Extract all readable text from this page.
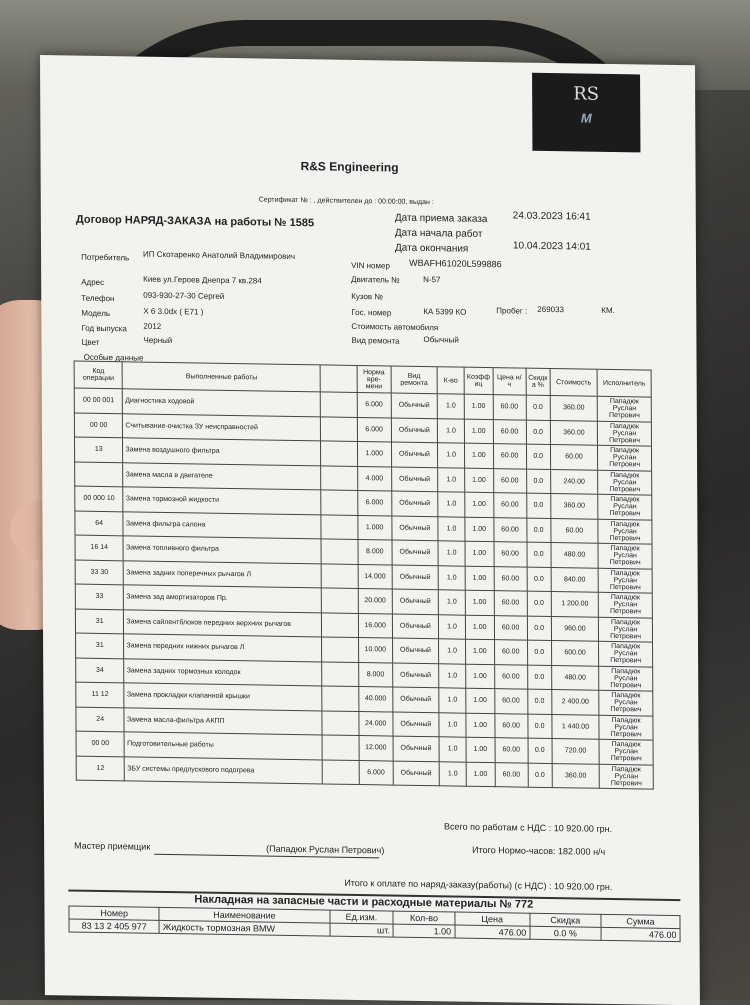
RS
M
R&S Engineering
Сертификат № : , действителен до : 00:00:00, выдан :
Договор НАРЯД-ЗАКАЗА на работы № 1585	Дата приема заказа	24.03.2023 16:41
Дата начала работ
Дата окончания	10.04.2023 14:01
Потребитель ИП Скотаренко Анатолий Владимирович
VIN номер WBAFH61020L599886
Адрес	Киев ул.Героев Днепра 7 кв.284	Двигатель №	N-57
Телефон	093-930-27-30 Сергей	Кузов №
Модель	X 6 3.0dx ( E71 )	Гос. номер	КА 5399 КО	Пробег : 269033	КМ.
Год выпуска 2012	Стоимость автомобиля
Цвет	Черный	Вид ремонта	Обычный
Особые данные
Код операции	Выполненные работы		Норма вре-мени	Вид ремонта	К-во	Коэфф иц	Цена н/ч	Скидк а %	Стоимость	Исполнитель
00 00 001	Диагностика ходовой		6.000	Обычный	1.0	1.00	60.00	0.0	360.00	Пападюк Руслан Петрович
00 00	Считывание-очистка ЗУ неисправностей		6.000	Обычный	1.0	1.00	60.00	0.0	360.00	Пападюк Руслан Петрович
13	Замена воздушного фильтра		1.000	Обычный	1.0	1.00	60.00	0.0	60.00	Пападюк Руслан Петрович
	Замена масла в двигателе		4.000	Обычный	1.0	1.00	60.00	0.0	240.00	Пападюк Руслан Петрович
00 000 10	Замена тормозной жидкости		6.000	Обычный	1.0	1.00	60.00	0.0	360.00	Пападюк Руслан Петрович
64	Замена фильтра салона		1.000	Обычный	1.0	1.00	60.00	0.0	60.00	Пападюк Руслан Петрович
16 14	Замена топливного фильтра		8.000	Обычный	1.0	1.00	60.00	0.0	480.00	Пападюк Руслан Петрович
33 30	Замена задних поперечных рычагов Л		14.000	Обычный	1.0	1.00	60.00	0.0	840.00	Пападюк Руслан Петрович
33	Замена зад амортизаторов Пр.		20.000	Обычный	1.0	1.00	60.00	0.0	1 200.00	Пападюк Руслан Петрович
31	Замена сайлентблоков передних верхних рычагов		16.000	Обычный	1.0	1.00	60.00	0.0	960.00	Пападюк Руслан Петрович
31	Замена передних нижних рычагов Л		10.000	Обычный	1.0	1.00	60.00	0.0	600.00	Пападюк Руслан Петрович
34	Замена задних тормозных колодок		8.000	Обычный	1.0	1.00	60.00	0.0	480.00	Пападюк Руслан Петрович
11 12	Замена прокладки клапанной крышки		40.000	Обычный	1.0	1.00	60.00	0.0	2 400.00	Пападюк Руслан Петрович
24	Замена масла-фильтра АКПП		24.000	Обычный	1.0	1.00	60.00	0.0	1 440.00	Пападюк Руслан Петрович
00 00	Подготовительные работы		12.000	Обычный	1.0	1.00	60.00	0.0	720.00	Пападюк Руслан Петрович
12	ЗБУ системы предпускового подогрева		6.000	Обычный	1.0	1.00	60.00	0.0	360.00	Пападюк Руслан Петрович
Всего по работам с НДС : 10 920.00 грн.
Мастер приемщик	(Пападюк Руслан Петрович)	Итого Нормо-часов: 182.000 н/ч
Итого к оплате по наряд-заказу(работы) (с НДС) : 10 920.00 грн.
Накладная на запасные части и расходные материалы № 772
Номер	Наименование	Ед.изм.	Кол-во	Цена	Скидка	Сумма
83 13 2 405 977	Жидкость тормозная BMW	шт.	1.00	476.00	0.0 %	476.00
